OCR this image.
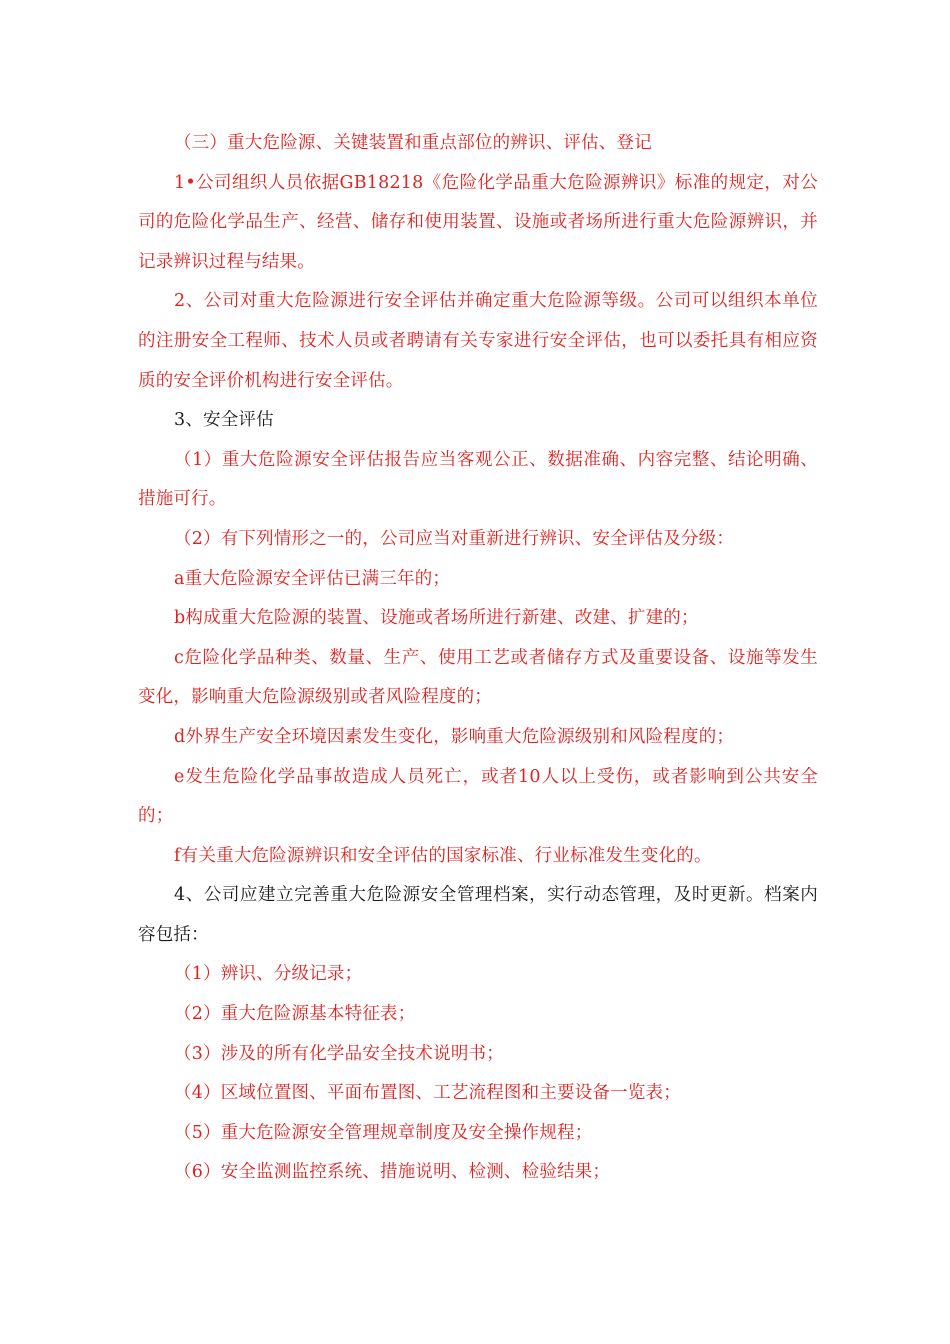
（三）重大危险源、关键装置和重点部位的辨识、评估、登记

1•公司组织人员依据GB18218《危险化学品重大危险源辨识》标准的规定，对公司的危险化学品生产、经营、储存和使用装置、设施或者场所进行重大危险源辨识，并记录辨识过程与结果。

2、公司对重大危险源进行安全评估并确定重大危险源等级。公司可以组织本单位的注册安全工程师、技术人员或者聘请有关专家进行安全评估，也可以委托具有相应资质的安全评价机构进行安全评估。

3、安全评估

（1）重大危险源安全评估报告应当客观公正、数据准确、内容完整、结论明确、措施可行。

（2）有下列情形之一的，公司应当对重新进行辨识、安全评估及分级：

a重大危险源安全评估已满三年的；

b构成重大危险源的装置、设施或者场所进行新建、改建、扩建的；

c危险化学品种类、数量、生产、使用工艺或者储存方式及重要设备、设施等发生变化，影响重大危险源级别或者风险程度的；

d外界生产安全环境因素发生变化，影响重大危险源级别和风险程度的；

e发生危险化学品事故造成人员死亡，或者10人以上受伤，或者影响到公共安全的；

f有关重大危险源辨识和安全评估的国家标准、行业标准发生变化的。

4、公司应建立完善重大危险源安全管理档案，实行动态管理，及时更新。档案内容包括：

（1）辨识、分级记录；

（2）重大危险源基本特征表；

（3）涉及的所有化学品安全技术说明书；

（4）区域位置图、平面布置图、工艺流程图和主要设备一览表；

（5）重大危险源安全管理规章制度及安全操作规程；

（6）安全监测监控系统、措施说明、检测、检验结果；
